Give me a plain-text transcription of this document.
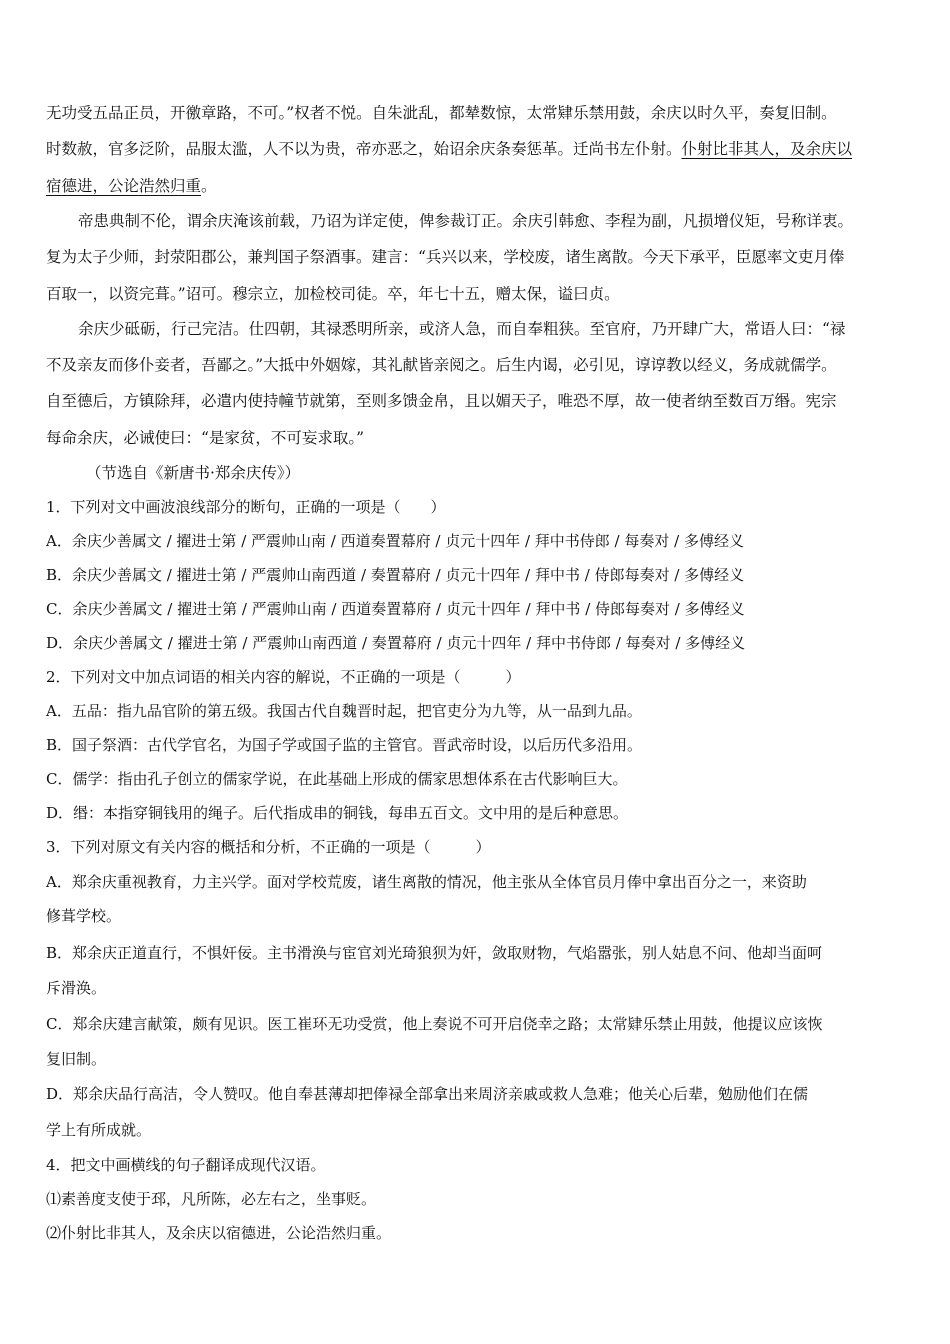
无功受五品正员，开徼章路，不可。”权者不悦。自朱泚乱，都辇数惊，太常肄乐禁用鼓，余庆以时久平，奏复旧制。
时数赦，官多泛阶，品服太滥，人不以为贵，帝亦恶之，始诏余庆条奏惩革。迁尚书左仆射。仆射比非其人，及余庆以
宿德进，公论浩然归重。
帝患典制不伦，谓余庆淹该前载，乃诏为详定使，俾参裁订正。余庆引韩愈、李程为副，凡损增仪矩，号称详衷。
复为太子少师，封荥阳郡公，兼判国子祭酒事。建言：“兵兴以来，学校废，诸生离散。今天下承平，臣愿率文吏月俸
百取一，以资完葺。”诏可。穆宗立，加检校司徒。卒，年七十五，赠太保，谥曰贞。
余庆少砥砺，行己完洁。仕四朝，其禄悉明所亲，或济人急，而自奉粗狭。至官府，乃开肆广大，常语人曰：“禄
不及亲友而侈仆妾者，吾鄙之。”大抵中外姻嫁，其礼献皆亲阅之。后生内谒，必引见，谆谆教以经义，务成就儒学。
自至德后，方镇除拜，必遣内使持幢节就第，至则多馈金帛，且以媚天子，唯恐不厚，故一使者纳至数百万缗。宪宗
每命余庆，必诫使曰：“是家贫，不可妄求取。”
（节选自《新唐书·郑余庆传》）
1．下列对文中画波浪线部分的断句，正确的一项是（　　）
A．余庆少善属文 / 擢进士第 / 严震帅山南 / 西道奏置幕府 / 贞元十四年 / 拜中书侍郎 / 每奏对 / 多傅经义
B．余庆少善属文 / 擢进士第 / 严震帅山南西道 / 奏置幕府 / 贞元十四年 / 拜中书 / 侍郎每奏对 / 多傅经义
C．余庆少善属文 / 擢进士第 / 严震帅山南 / 西道奏置幕府 / 贞元十四年 / 拜中书 / 侍郎每奏对 / 多傅经义
D．余庆少善属文 / 擢进士第 / 严震帅山南西道 / 奏置幕府 / 贞元十四年 / 拜中书侍郎 / 每奏对 / 多傅经义
2．下列对文中加点词语的相关内容的解说，不正确的一项是（　　　）
A．五品：指九品官阶的第五级。我国古代自魏晋时起，把官吏分为九等，从一品到九品。
B．国子祭酒：古代学官名，为国子学或国子监的主管官。晋武帝时设，以后历代多沿用。
C．儒学：指由孔子创立的儒家学说，在此基础上形成的儒家思想体系在古代影响巨大。
D．缗：本指穿铜钱用的绳子。后代指成串的铜钱，每串五百文。文中用的是后种意思。
3．下列对原文有关内容的概括和分析，不正确的一项是（　　　）
A．郑余庆重视教育，力主兴学。面对学校荒废，诸生离散的情况，他主张从全体官员月俸中拿出百分之一，来资助
修葺学校。
B．郑余庆正道直行，不惧奸佞。主书滑涣与宦官刘光琦狼狈为奸，敛取财物，气焰嚣张，别人姑息不问、他却当面呵
斥滑涣。
C．郑余庆建言献策，颇有见识。医工崔环无功受赏，他上奏说不可开启侥幸之路；太常肄乐禁止用鼓，他提议应该恢
复旧制。
D．郑余庆品行高洁，令人赞叹。他自奉甚薄却把俸禄全部拿出来周济亲戚或救人急难；他关心后辈，勉励他们在儒
学上有所成就。
4．把文中画横线的句子翻译成现代汉语。
⑴素善度支使于邳，凡所陈，必左右之，坐事贬。
⑵仆射比非其人，及余庆以宿德进，公论浩然归重。
